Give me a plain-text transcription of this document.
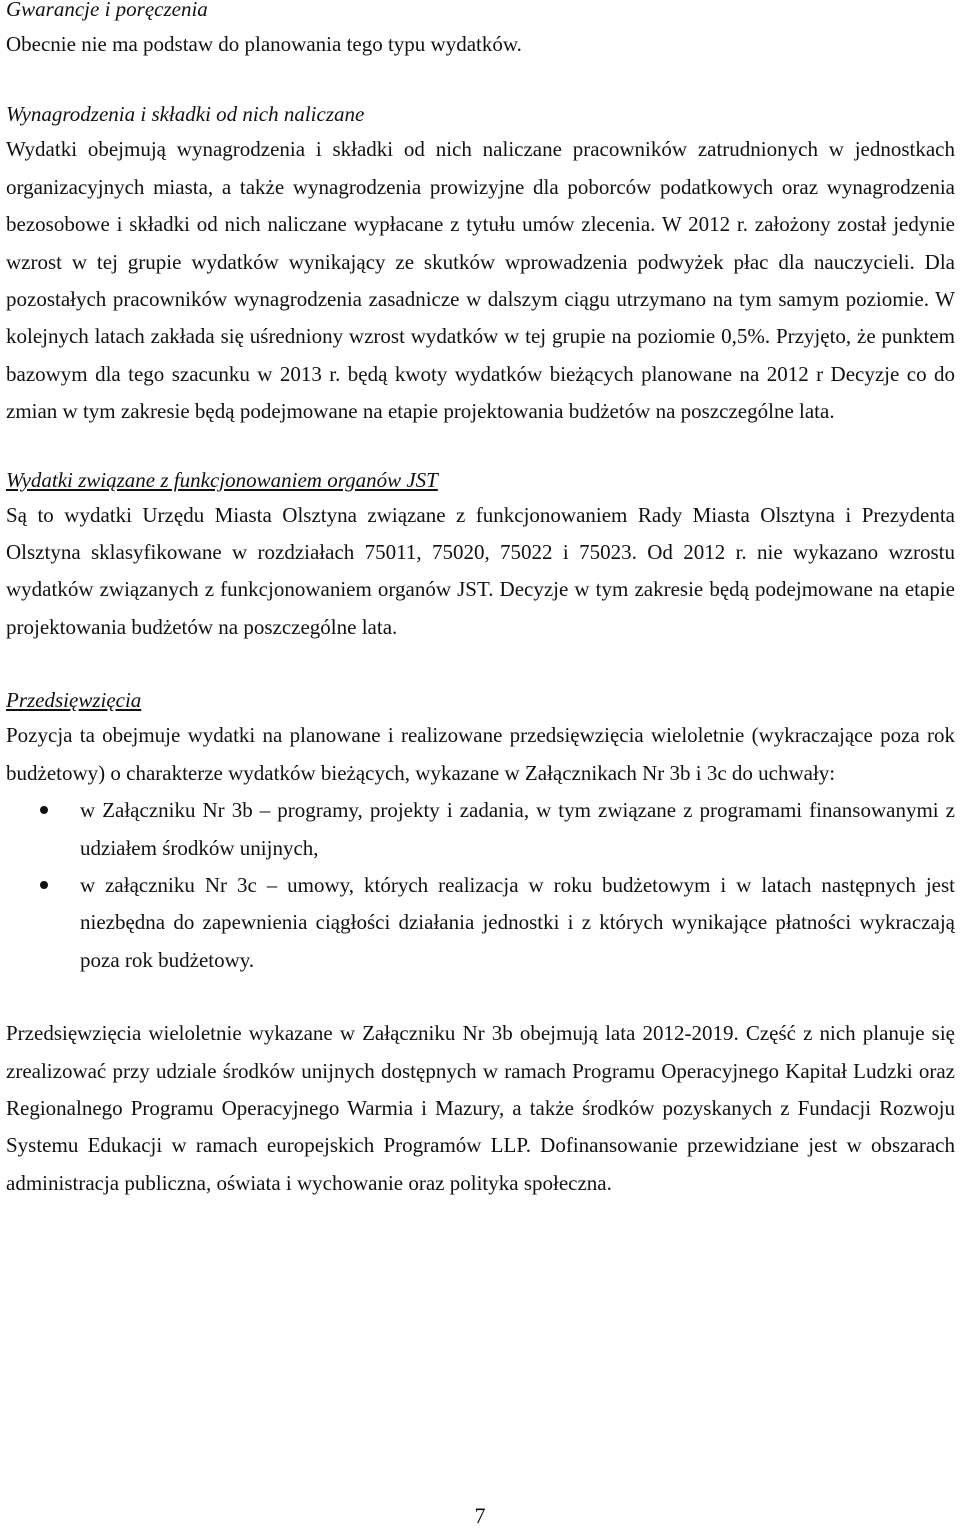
Gwarancje i poręczenia

Obecnie nie ma podstaw do planowania tego typu wydatków.

Wynagrodzenia i składki od nich naliczane

Wydatki obejmują wynagrodzenia i składki od nich naliczane pracowników zatrudnionych w jednostkach organizacyjnych miasta, a także wynagrodzenia prowizyjne dla poborców podatkowych oraz wynagrodzenia bezosobowe i składki od nich naliczane wypłacane z tytułu umów zlecenia. W 2012 r. założony został jedynie wzrost w tej grupie wydatków wynikający ze skutków wprowadzenia podwyżek płac dla nauczycieli. Dla pozostałych pracowników wynagrodzenia zasadnicze w dalszym ciągu utrzymano na tym samym poziomie. W kolejnych latach zakłada się uśredniony wzrost wydatków w tej grupie na poziomie 0,5%. Przyjęto, że punktem bazowym dla tego szacunku w 2013 r. będą kwoty wydatków bieżących planowane na 2012 r Decyzje co do zmian w tym zakresie będą podejmowane na etapie projektowania budżetów na poszczególne lata.

Wydatki związane z funkcjonowaniem organów JST

Są to wydatki Urzędu Miasta Olsztyna związane z funkcjonowaniem Rady Miasta Olsztyna i Prezydenta Olsztyna sklasyfikowane w rozdziałach 75011, 75020, 75022 i 75023. Od 2012 r. nie wykazano wzrostu wydatków związanych z funkcjonowaniem organów JST. Decyzje w tym zakresie będą podejmowane na etapie projektowania budżetów na poszczególne lata.

Przedsięwzięcia

Pozycja ta obejmuje wydatki na planowane i realizowane przedsięwzięcia wieloletnie (wykraczające poza rok budżetowy) o charakterze wydatków bieżących, wykazane w Załącznikach Nr 3b i 3c do uchwały:

w Załączniku Nr 3b – programy, projekty i zadania, w tym związane z programami finansowanymi z udziałem środków unijnych,
w załączniku Nr 3c – umowy, których realizacja w roku budżetowym i w latach następnych jest niezbędna do zapewnienia ciągłości działania jednostki i z których wynikające płatności wykraczają poza rok budżetowy.

Przedsięwzięcia wieloletnie wykazane w Załączniku Nr 3b obejmują lata 2012-2019. Część z nich planuje się zrealizować przy udziale środków unijnych dostępnych w ramach Programu Operacyjnego Kapitał Ludzki oraz Regionalnego Programu Operacyjnego Warmia i Mazury, a także środków pozyskanych z Fundacji Rozwoju Systemu Edukacji w ramach europejskich Programów LLP. Dofinansowanie przewidziane jest w obszarach administracja publiczna, oświata i wychowanie oraz polityka społeczna.

7
